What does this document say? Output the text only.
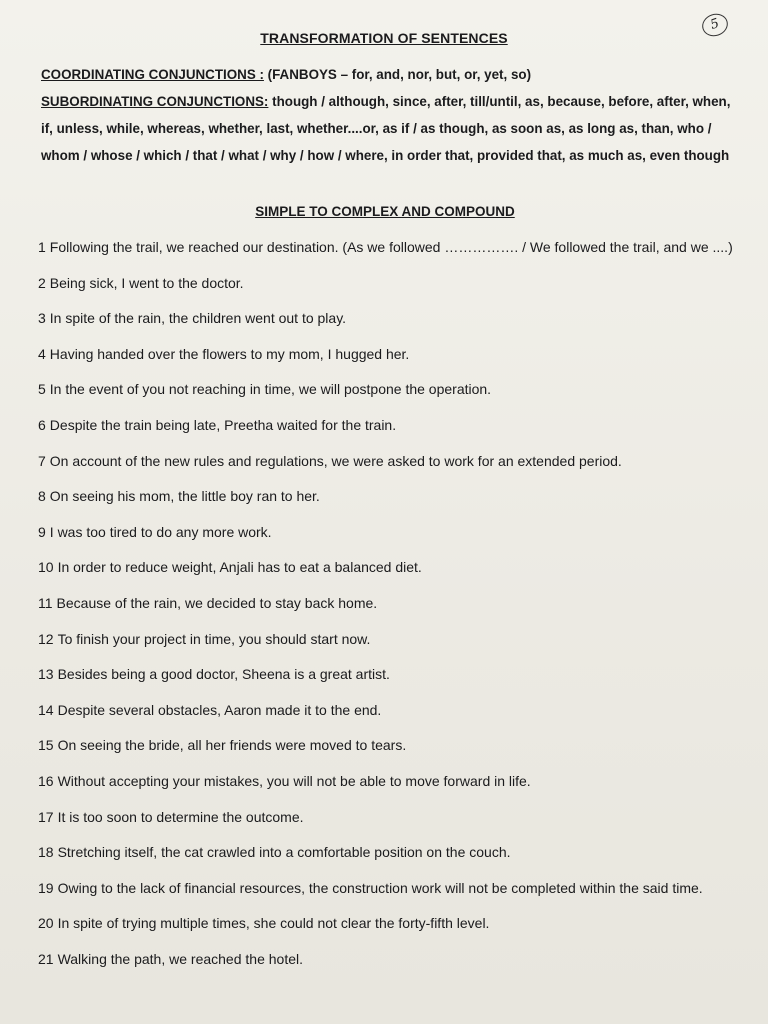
5
TRANSFORMATION OF SENTENCES
COORDINATING CONJUNCTIONS : (FANBOYS – for, and, nor, but, or, yet, so)
SUBORDINATING CONJUNCTIONS: though / although, since, after, till/until, as, because, before, after, when, if, unless, while, whereas, whether, last, whether....or, as if / as though, as soon as, as long as, than, who / whom / whose / which / that / what / why / how / where, in order that, provided that, as much as, even though
SIMPLE TO COMPLEX AND COMPOUND
1 Following the trail, we reached our destination. (As we followed ……………. / We followed the trail, and we ....)
2 Being sick, I went to the doctor.
3 In spite of the rain, the children went out to play.
4 Having handed over the flowers to my mom, I hugged her.
5 In the event of you not reaching in time, we will postpone the operation.
6 Despite the train being late, Preetha waited for the train.
7 On account of the new rules and regulations, we were asked to work for an extended period.
8 On seeing his mom, the little boy ran to her.
9 I was too tired to do any more work.
10 In order to reduce weight, Anjali has to eat a balanced diet.
11 Because of the rain, we decided to stay back home.
12 To finish your project in time, you should start now.
13 Besides being a good doctor, Sheena is a great artist.
14 Despite several obstacles, Aaron made it to the end.
15 On seeing the bride, all her friends were moved to tears.
16 Without accepting your mistakes, you will not be able to move forward in life.
17 It is too soon to determine the outcome.
18 Stretching itself, the cat crawled into a comfortable position on the couch.
19 Owing to the lack of financial resources, the construction work will not be completed within the said time.
20 In spite of trying multiple times, she could not clear the forty-fifth level.
21 Walking the path, we reached the hotel.
